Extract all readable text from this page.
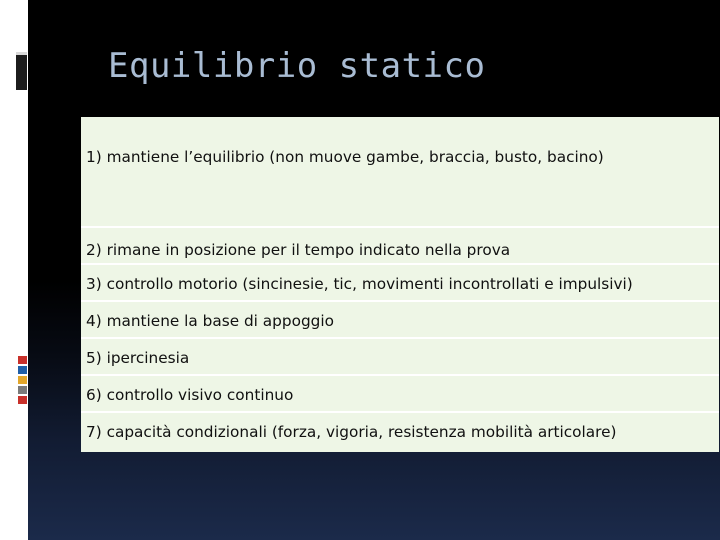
Equilibrio statico
1) mantiene l’equilibrio (non muove gambe, braccia, busto, bacino)
2) rimane in posizione per il tempo indicato nella prova
3) controllo motorio (sincinesie, tic, movimenti incontrollati e impulsivi)
4) mantiene la base di appoggio
5) ipercinesia
6) controllo visivo continuo
7) capacità condizionali (forza, vigoria, resistenza mobilità articolare)
